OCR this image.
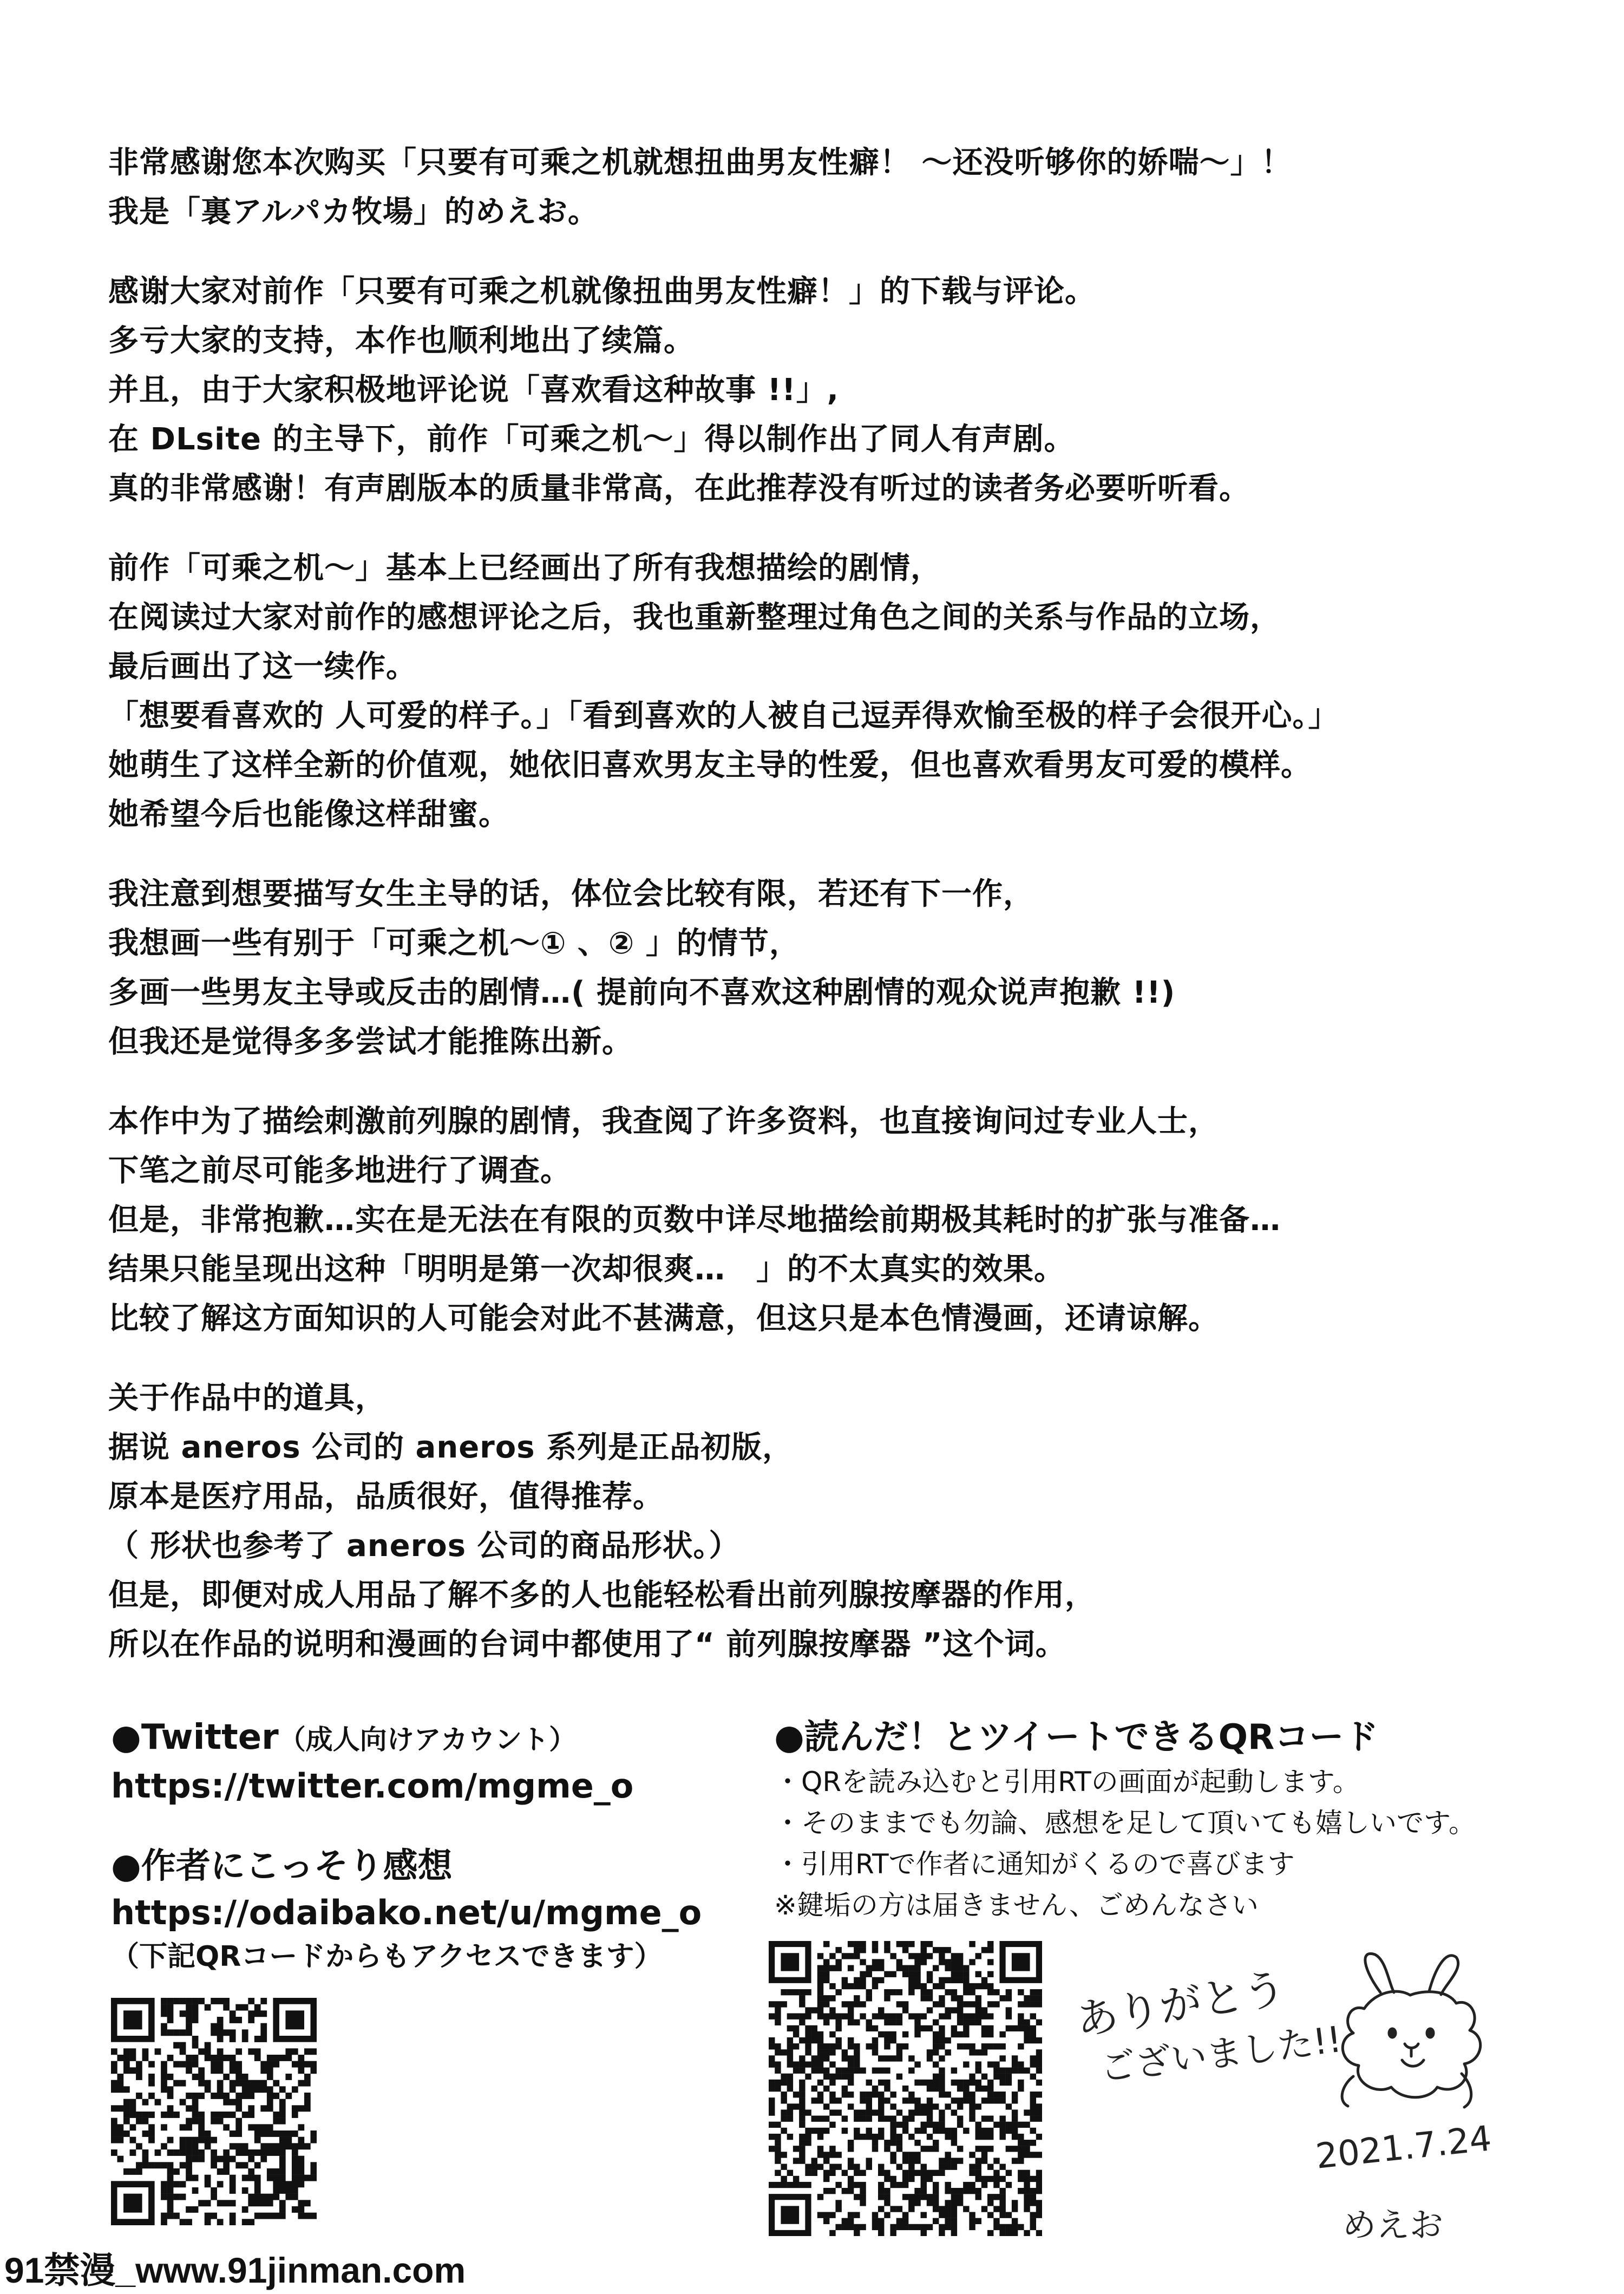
非常感谢您本次购买「只要有可乘之机就想扭曲男友性癖！ ～还没听够你的娇喘～」！
我是「裏アルパカ牧場」的めえお。
感谢大家对前作「只要有可乘之机就像扭曲男友性癖！」的下载与评论。
多亏大家的支持，本作也顺利地出了续篇。
并且，由于大家积极地评论说「喜欢看这种故事 !!」,
在 DLsite 的主导下，前作「可乘之机～」得以制作出了同人有声剧。
真的非常感谢！有声剧版本的质量非常高，在此推荐没有听过的读者务必要听听看。
前作「可乘之机～」基本上已经画出了所有我想描绘的剧情，
在阅读过大家对前作的感想评论之后，我也重新整理过角色之间的关系与作品的立场，
最后画出了这一续作。
「想要看喜欢的 人可爱的样子。」「看到喜欢的人被自己逗弄得欢愉至极的样子会很开心。」
她萌生了这样全新的价值观，她依旧喜欢男友主导的性爱，但也喜欢看男友可爱的模样。
她希望今后也能像这样甜蜜。
我注意到想要描写女生主导的话，体位会比较有限，若还有下一作，
我想画一些有别于「可乘之机～① 、② 」的情节，
多画一些男友主导或反击的剧情…( 提前向不喜欢这种剧情的观众说声抱歉 !!)
但我还是觉得多多尝试才能推陈出新。
本作中为了描绘刺激前列腺的剧情，我查阅了许多资料，也直接询问过专业人士，
下笔之前尽可能多地进行了调查。
但是，非常抱歉…实在是无法在有限的页数中详尽地描绘前期极其耗时的扩张与准备…
结果只能呈现出这种「明明是第一次却很爽…　」的不太真实的效果。
比较了解这方面知识的人可能会对此不甚满意，但这只是本色情漫画，还请谅解。
关于作品中的道具，
据说 aneros 公司的 aneros 系列是正品初版，
原本是医疗用品，品质很好，值得推荐。
（ 形状也参考了 aneros 公司的商品形状。）
但是，即便对成人用品了解不多的人也能轻松看出前列腺按摩器的作用，
所以在作品的说明和漫画的台词中都使用了“ 前列腺按摩器 ”这个词。
●Twitter（成人向けアカウント）
https://twitter.com/mgme_o
●作者にこっそり感想
https://odaibako.net/u/mgme_o
（下記QRコードからもアクセスできます）
●読んだ！とツイートできるQRコード
・QRを読み込むと引用RTの画面が起動します。
・そのままでも勿論、感想を足して頂いても嬉しいです。
・引用RTで作者に通知がくるので喜びます
※鍵垢の方は届きません、ごめんなさい
ありがとう
ございました!!
2021.7.24
めえお
91禁漫_www.91jinman.com
